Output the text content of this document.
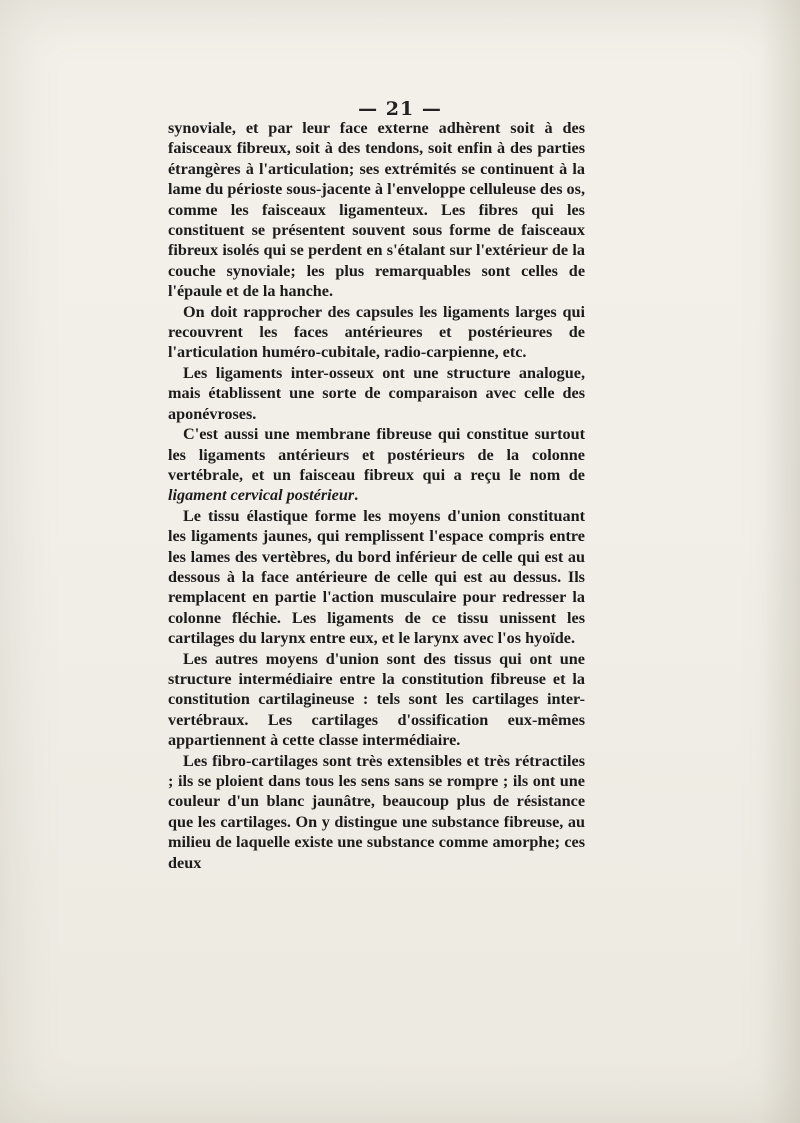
— 21 —

synoviale, et par leur face externe adhèrent soit à des faisceaux fibreux, soit à des tendons, soit enfin à des parties étrangères à l'articulation; ses extrémités se continuent à la lame du périoste sous-jacente à l'enveloppe celluleuse des os, comme les faisceaux ligamenteux. Les fibres qui les constituent se présentent souvent sous forme de faisceaux fibreux isolés qui se perdent en s'étalant sur l'extérieur de la couche synoviale; les plus remarquables sont celles de l'épaule et de la hanche.

On doit rapprocher des capsules les ligaments larges qui recouvrent les faces antérieures et postérieures de l'articulation huméro-cubitale, radio-carpienne, etc.

Les ligaments inter-osseux ont une structure analogue, mais établissent une sorte de comparaison avec celle des aponévroses.

C'est aussi une membrane fibreuse qui constitue surtout les ligaments antérieurs et postérieurs de la colonne vertébrale, et un faisceau fibreux qui a reçu le nom de ligament cervical postérieur.

Le tissu élastique forme les moyens d'union constituant les ligaments jaunes, qui remplissent l'espace compris entre les lames des vertèbres, du bord inférieur de celle qui est au dessous à la face antérieure de celle qui est au dessus. Ils remplacent en partie l'action musculaire pour redresser la colonne fléchie. Les ligaments de ce tissu unissent les cartilages du larynx entre eux, et le larynx avec l'os hyoïde.

Les autres moyens d'union sont des tissus qui ont une structure intermédiaire entre la constitution fibreuse et la constitution cartilagineuse : tels sont les cartilages inter-vertébraux. Les cartilages d'ossification eux-mêmes appartiennent à cette classe intermédiaire.

Les fibro-cartilages sont très extensibles et très rétractiles ; ils se ploient dans tous les sens sans se rompre ; ils ont une couleur d'un blanc jaunâtre, beaucoup plus de résistance que les cartilages. On y distingue une substance fibreuse, au milieu de laquelle existe une substance comme amorphe; ces deux
